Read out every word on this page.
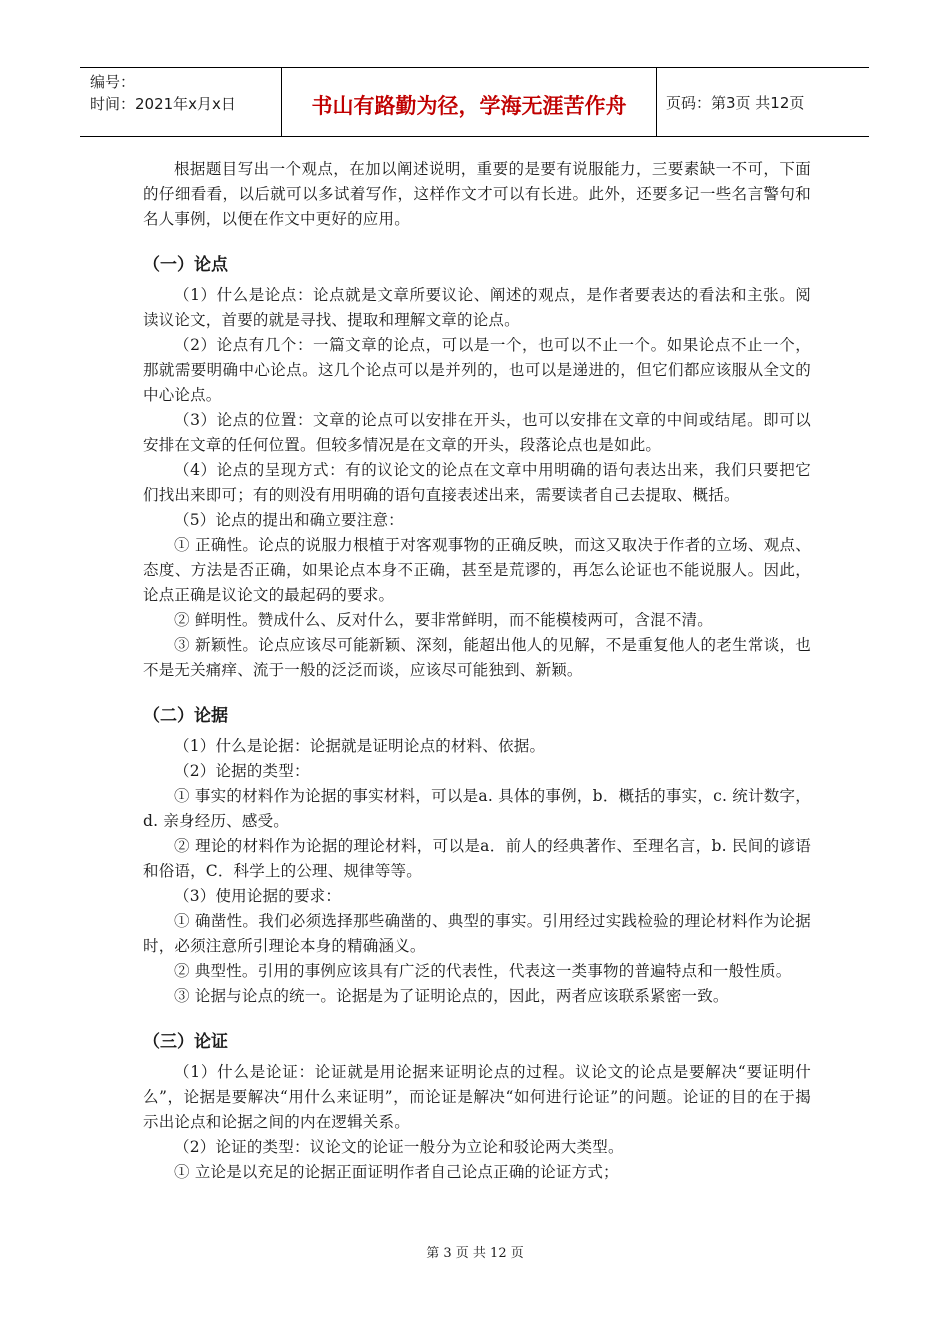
编号：
时间：2021年x月x日	书山有路勤为径，学海无涯苦作舟	页码：第3页 共12页

根据题目写出一个观点，在加以阐述说明，重要的是要有说服能力，三要素缺一不可，下面的仔细看看，以后就可以多试着写作，这样作文才可以有长进。此外，还要多记一些名言警句和名人事例，以便在作文中更好的应用。

（一）论点

（1）什么是论点：论点就是文章所要议论、阐述的观点，是作者要表达的看法和主张。阅读议论文，首要的就是寻找、提取和理解文章的论点。

（2）论点有几个：一篇文章的论点，可以是一个，也可以不止一个。如果论点不止一个，那就需要明确中心论点。这几个论点可以是并列的，也可以是递进的，但它们都应该服从全文的中心论点。

（3）论点的位置：文章的论点可以安排在开头，也可以安排在文章的中间或结尾。即可以安排在文章的任何位置。但较多情况是在文章的开头，段落论点也是如此。

（4）论点的呈现方式：有的议论文的论点在文章中用明确的语句表达出来，我们只要把它们找出来即可；有的则没有用明确的语句直接表述出来，需要读者自己去提取、概括。

（5）论点的提出和确立要注意：

① 正确性。论点的说服力根植于对客观事物的正确反映，而这又取决于作者的立场、观点、态度、方法是否正确，如果论点本身不正确，甚至是荒谬的，再怎么论证也不能说服人。因此，论点正确是议论文的最起码的要求。

② 鲜明性。赞成什么、反对什么，要非常鲜明，而不能模棱两可，含混不清。

③ 新颖性。论点应该尽可能新颖、深刻，能超出他人的见解，不是重复他人的老生常谈，也不是无关痛痒、流于一般的泛泛而谈，应该尽可能独到、新颖。

（二）论据

（1）什么是论据：论据就是证明论点的材料、依据。

（2）论据的类型：

① 事实的材料作为论据的事实材料，可以是a. 具体的事例，b．概括的事实，c. 统计数字，d. 亲身经历、感受。

② 理论的材料作为论据的理论材料，可以是a．前人的经典著作、至理名言，b. 民间的谚语和俗语，C．科学上的公理、规律等等。

（3）使用论据的要求：

① 确凿性。我们必须选择那些确凿的、典型的事实。引用经过实践检验的理论材料作为论据时，必须注意所引理论本身的精确涵义。

② 典型性。引用的事例应该具有广泛的代表性，代表这一类事物的普遍特点和一般性质。

③ 论据与论点的统一。论据是为了证明论点的，因此，两者应该联系紧密一致。

（三）论证

（1）什么是论证：论证就是用论据来证明论点的过程。议论文的论点是要解决“要证明什么”，论据是要解决“用什么来证明”，而论证是解决“如何进行论证”的问题。论证的目的在于揭示出论点和论据之间的内在逻辑关系。

（2）论证的类型：议论文的论证一般分为立论和驳论两大类型。

① 立论是以充足的论据正面证明作者自己论点正确的论证方式；

第 3 页 共 12 页
